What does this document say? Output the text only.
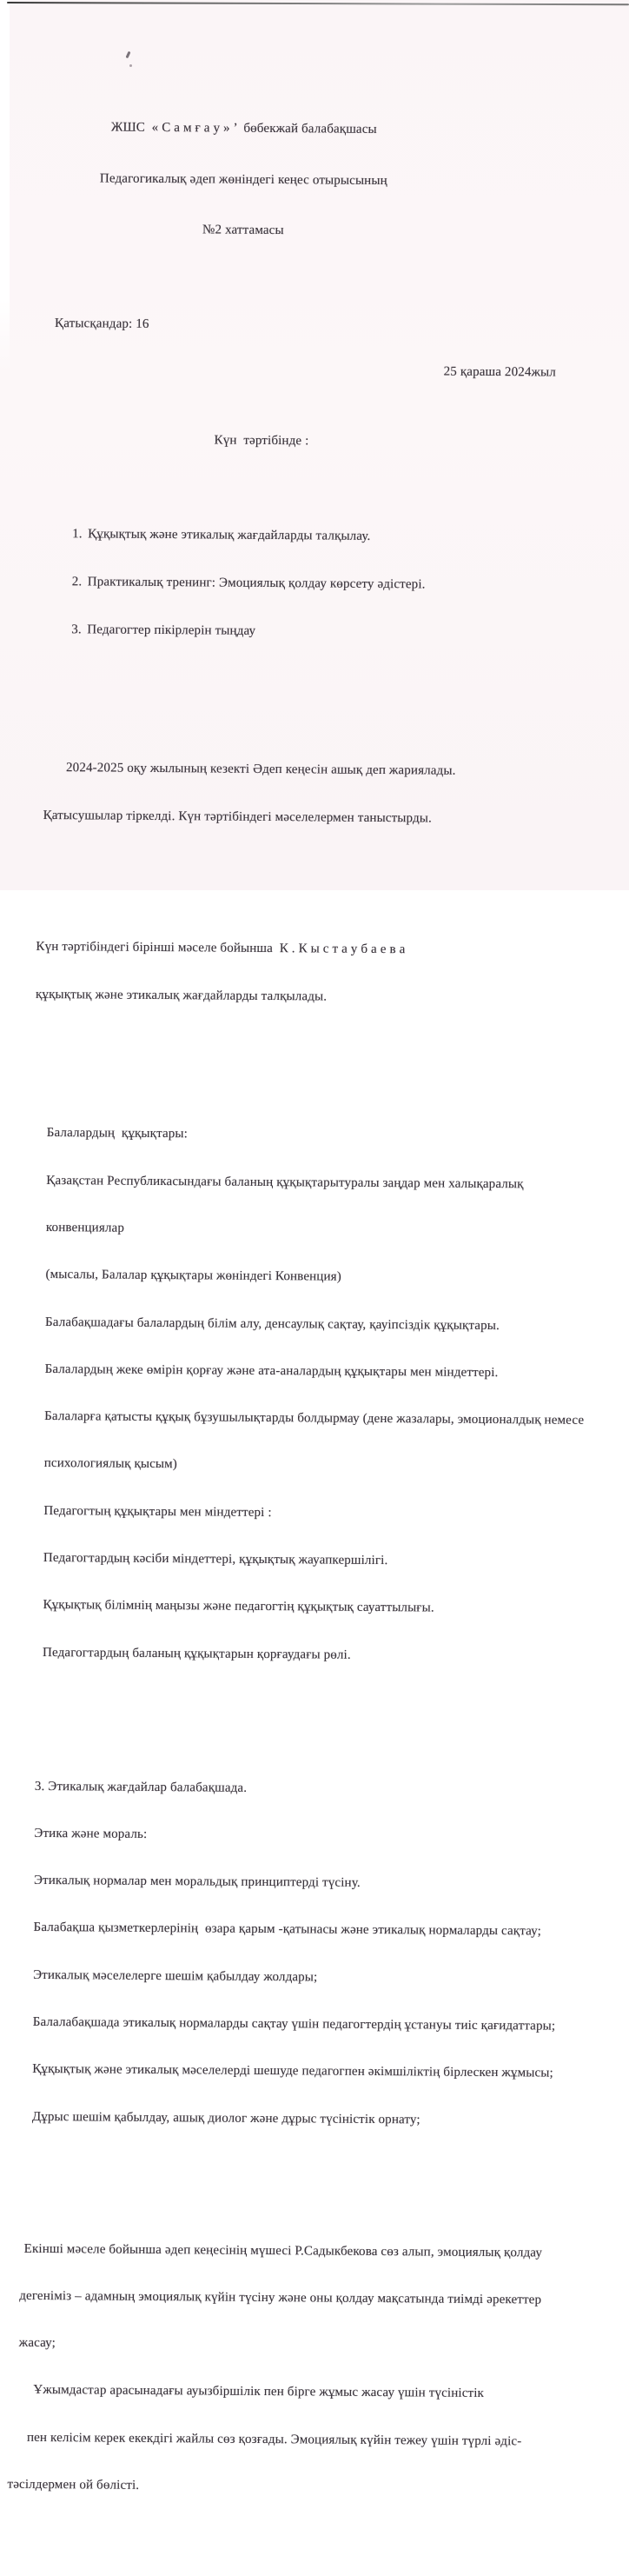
ЖШС  « С а м ғ а у » ’  бөбекжай балабақшасы

Педагогикалық әдеп жөніндегі кеңес отырысының

№2 хаттамасы

Қатысқандар: 16

25 қараша 2024жыл

Күн  тәртібінде :

1. Құқықтық және этикалық жағдайларды талқылау.

2. Практикалық тренинг: Эмоциялық қолдау көрсету әдістері.

3. Педагогтер пікірлерін тыңдау

2024-2025 оқу жылының кезекті Әдеп кеңесін ашық деп жариялады.

Қатысушылар тіркелді. Күн тәртібіндегі мәселелермен таныстырды.

Күн тәртібіндегі бірінші мәселе бойынша  К . К ы с т а у б а е в а

құқықтық және этикалық жағдайларды талқылады.

Балалардың  құқықтары:

Қазақстан Республикасындағы баланың құқықтарытуралы заңдар мен халықаралық

конвенциялар

(мысалы, Балалар құқықтары жөніндегі Конвенция)

Балабақшадағы балалардың білім алу, денсаулық сақтау, қауіпсіздік құқықтары.

Балалардың жеке өмірін қорғау және ата-аналардың құқықтары мен міндеттері.

Балаларға қатысты құқық бұзушылықтарды болдырмау (дене жазалары, эмоционалдық немесе

психологиялық қысым)

Педагогтың құқықтары мен міндеттері :

Педагогтардың кәсіби міндеттері, құқықтық жауапкершілігі.

Құқықтық білімнің маңызы және педагогтің құқықтық сауаттылығы.

Педагогтардың баланың құқықтарын қорғаудағы рөлі.

3. Этикалық жағдайлар балабақшада.

Этика және мораль:

Этикалық нормалар мен моральдық принциптерді түсіну.

Балабақша қызметкерлерінің  өзара қарым -қатынасы және этикалық нормаларды сақтау;

Этикалық мәселелерге шешім қабылдау жолдары;

Балалабақшада этикалық нормаларды сақтау үшін педагогтердің ұстануы тиіс қағидаттары;

Құқықтық және этикалық мәселелерді шешуде педагогпен әкімшіліктің бірлескен жұмысы;

Дұрыс шешім қабылдау, ашық диолог және дұрыс түсіністік орнату;

Екінші мәселе бойынша әдеп кеңесінің мүшесі Р.Садыкбекова сөз алып, эмоциялық қолдау

дегеніміз – адамның эмоциялық күйін түсіну және оны қолдау мақсатында тиімді әрекеттер

жасау;

Ұжымдастар арасынадағы ауызбіршілік пен бірге жұмыс жасау үшін түсіністік

пен келісім керек екекдігі жайлы сөз қозғады. Эмоциялық күйін тежеу үшін түрлі әдіс-

тәсілдермен ой бөлісті.
